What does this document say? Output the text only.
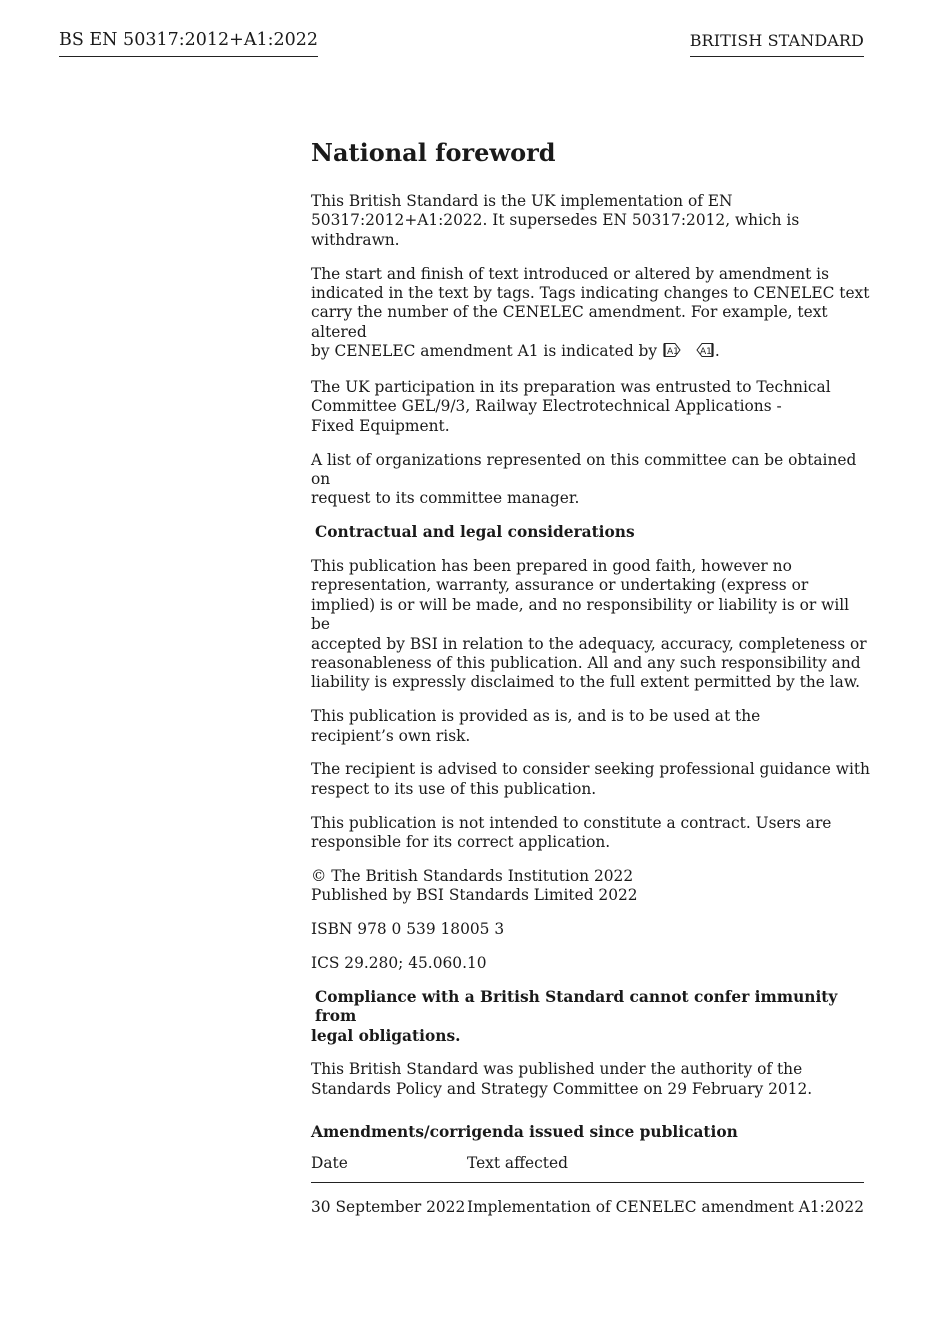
BS EN 50317:2012+A1:2022	BRITISH STANDARD
National foreword

This British Standard is the UK implementation of EN
50317:2012+A1:2022. It supersedes EN 50317:2012, which is withdrawn.

The start and finish of text introduced or altered by amendment is
indicated in the text by tags. Tags indicating changes to CENELEC text
carry the number of the CENELEC amendment. For example, text altered
by CENELEC amendment A1 is indicated by A1
A1 .

The UK participation in its preparation was entrusted to Technical
Committee GEL/9/3, Railway Electrotechnical Applications -
Fixed Equipment.

A list of organizations represented on this committee can be obtained on
request to its committee manager.

Contractual and legal considerations

This publication has been prepared in good faith, however no
representation, warranty, assurance or undertaking (express or
implied) is or will be made, and no responsibility or liability is or will be
accepted by BSI in relation to the adequacy, accuracy, completeness or
reasonableness of this publication. All and any such responsibility and
liability is expressly disclaimed to the full extent permitted by the law.

This publication is provided as is, and is to be used at the
recipient’s own risk.

The recipient is advised to consider seeking professional guidance with
respect to its use of this publication.

This publication is not intended to constitute a contract. Users are
responsible for its correct application.

© The British Standards Institution 2022
Published by BSI Standards Limited 2022

ISBN 978 0 539 18005 3

ICS 29.280; 45.060.10

Compliance with a British Standard cannot confer immunity from
legal obligations.

This British Standard was published under the authority of the
Standards Policy and Strategy Committee on 29 February 2012.

Amendments/corrigenda issued since publication
Date	Text affected
30 September 2022	Implementation of CENELEC amendment A1:2022
